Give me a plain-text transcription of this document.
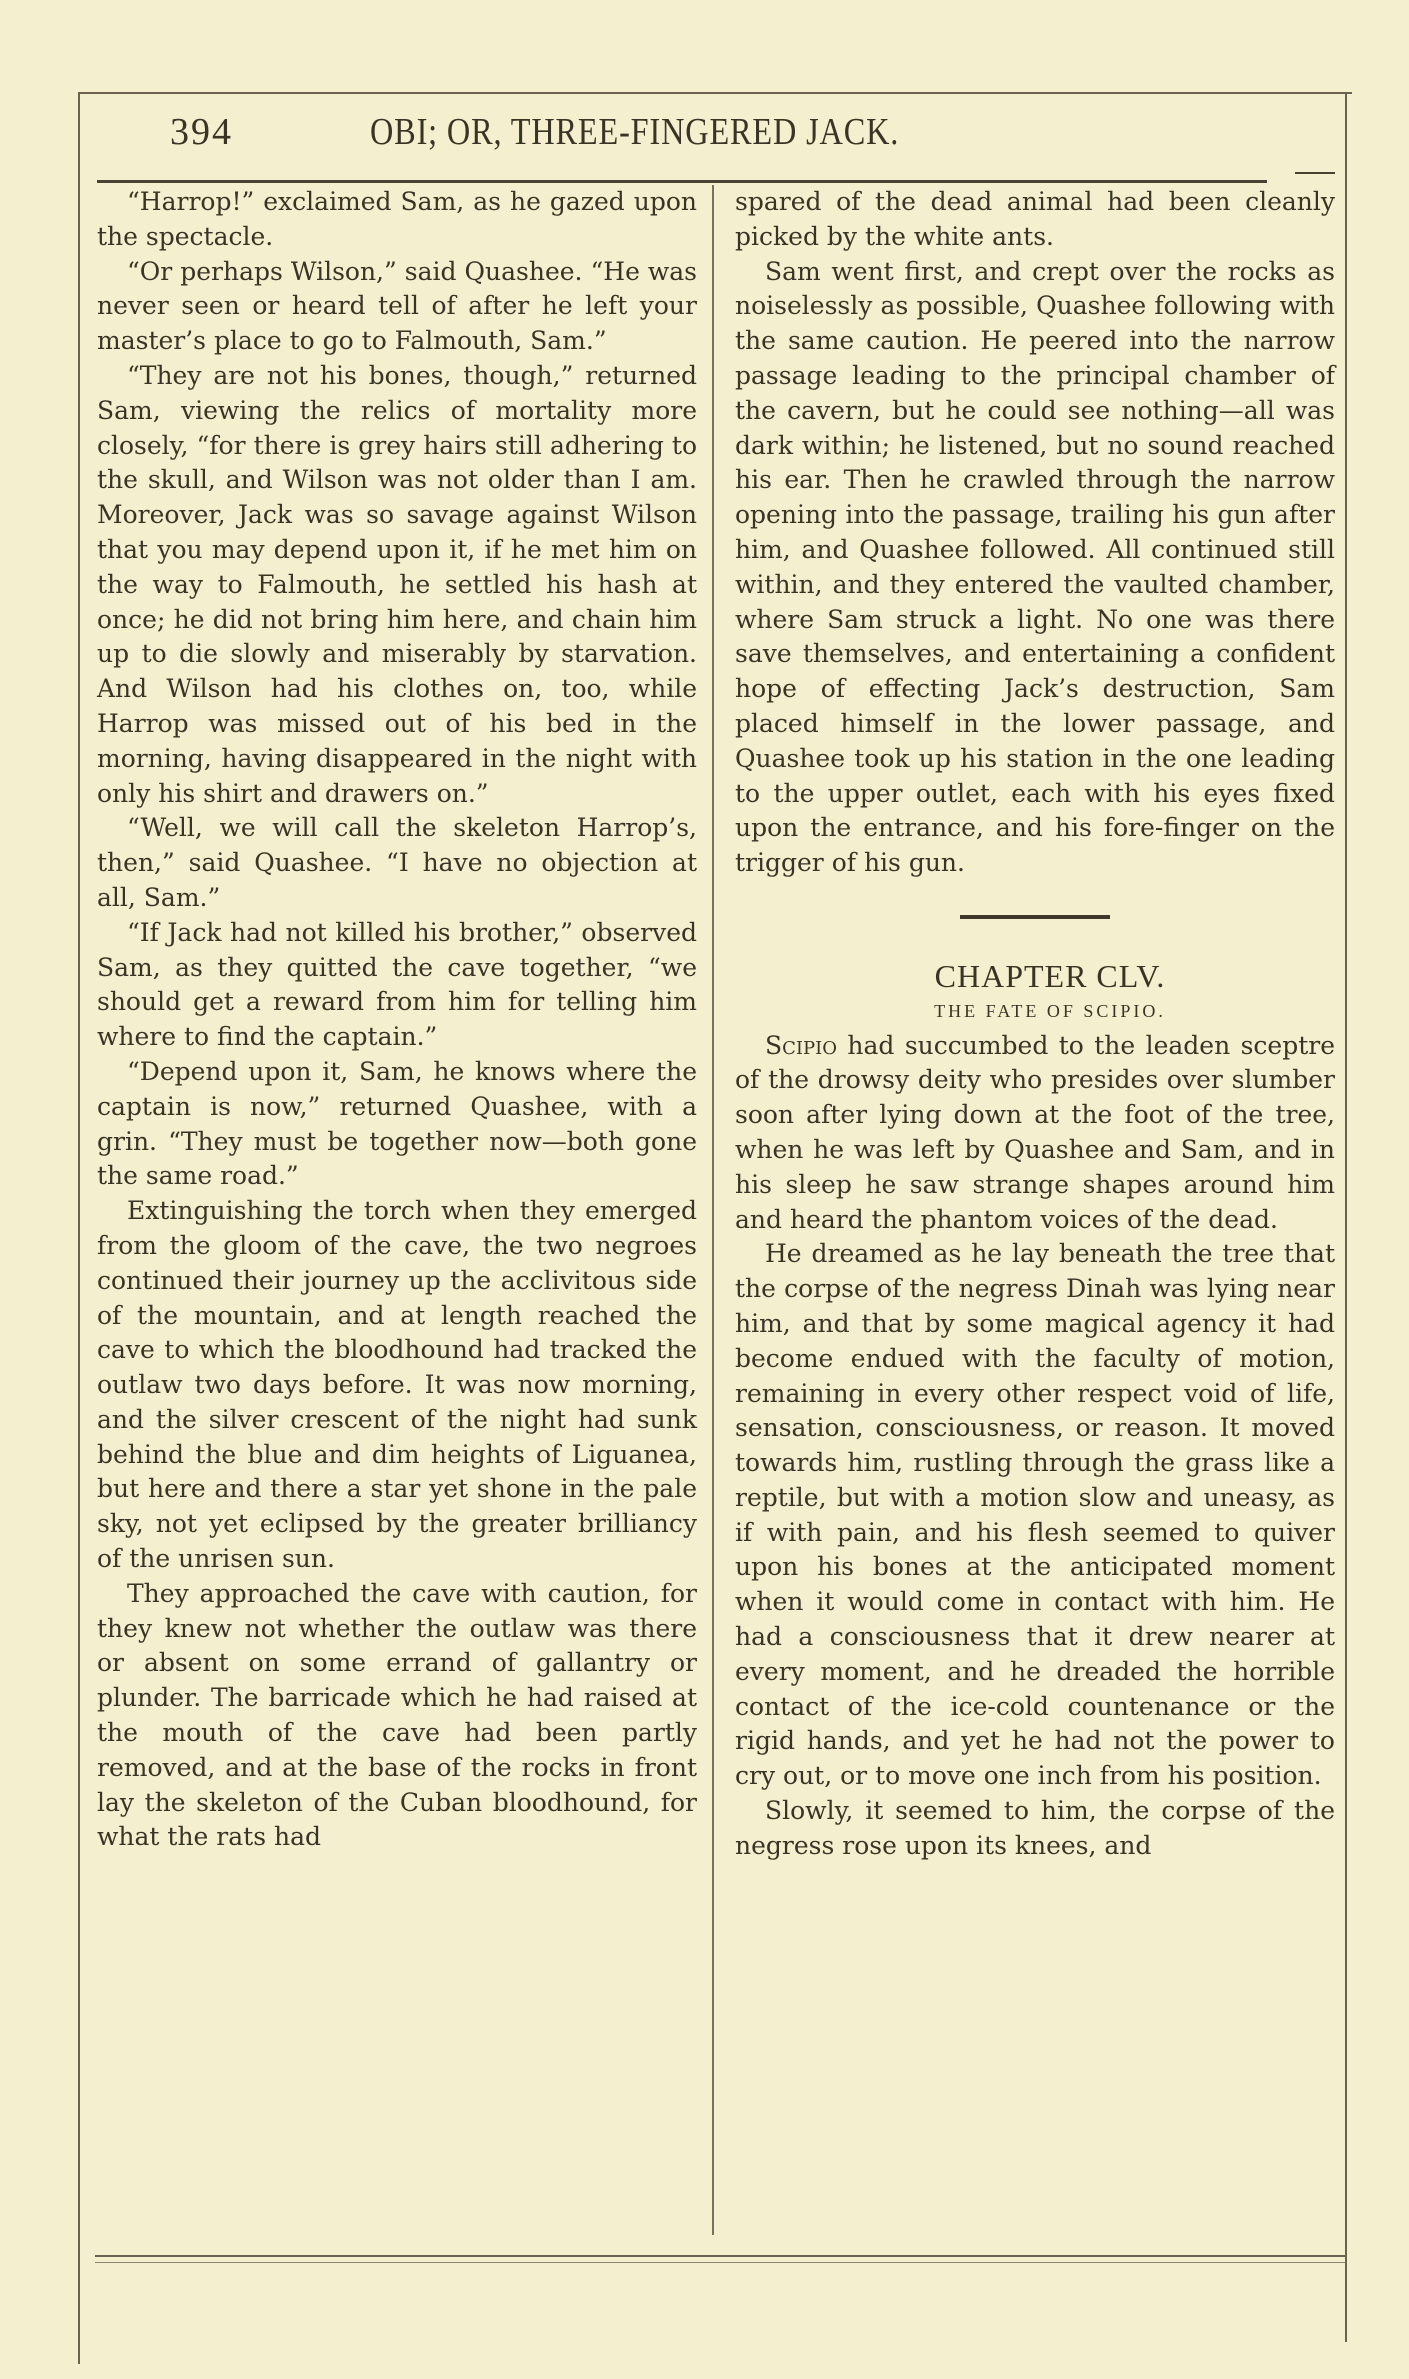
394	OBI; OR, THREE-FINGERED JACK.

“Harrop!” exclaimed Sam, as he gazed upon the spectacle.

“Or perhaps Wilson,” said Quashee. “He was never seen or heard tell of after he left your master’s place to go to Falmouth, Sam.”

“They are not his bones, though,” returned Sam, viewing the relics of mortality more closely, “for there is grey hairs still adhering to the skull, and Wilson was not older than I am. Moreover, Jack was so savage against Wilson that you may depend upon it, if he met him on the way to Falmouth, he settled his hash at once; he did not bring him here, and chain him up to die slowly and miserably by starvation. And Wilson had his clothes on, too, while Harrop was missed out of his bed in the morning, having disappeared in the night with only his shirt and drawers on.”

“Well, we will call the skeleton Harrop’s, then,” said Quashee. “I have no objection at all, Sam.”

“If Jack had not killed his brother,” observed Sam, as they quitted the cave together, “we should get a reward from him for telling him where to find the captain.”

“Depend upon it, Sam, he knows where the captain is now,” returned Quashee, with a grin. “They must be together now—both gone the same road.”

Extinguishing the torch when they emerged from the gloom of the cave, the two negroes continued their journey up the acclivitous side of the mountain, and at length reached the cave to which the bloodhound had tracked the outlaw two days before. It was now morning, and the silver crescent of the night had sunk behind the blue and dim heights of Liguanea, but here and there a star yet shone in the pale sky, not yet eclipsed by the greater brilliancy of the unrisen sun.

They approached the cave with caution, for they knew not whether the outlaw was there or absent on some errand of gallantry or plunder. The barricade which he had raised at the mouth of the cave had been partly removed, and at the base of the rocks in front lay the skeleton of the Cuban bloodhound, for what the rats had

spared of the dead animal had been cleanly picked by the white ants.

Sam went first, and crept over the rocks as noiselessly as possible, Quashee following with the same caution. He peered into the narrow passage leading to the principal chamber of the cavern, but he could see nothing—all was dark within; he listened, but no sound reached his ear. Then he crawled through the narrow opening into the passage, trailing his gun after him, and Quashee followed. All continued still within, and they entered the vaulted chamber, where Sam struck a light. No one was there save themselves, and entertaining a confident hope of effecting Jack’s destruction, Sam placed himself in the lower passage, and Quashee took up his station in the one leading to the upper outlet, each with his eyes fixed upon the entrance, and his fore-finger on the trigger of his gun.

CHAPTER CLV.

THE FATE OF SCIPIO.

Scipio had succumbed to the leaden sceptre of the drowsy deity who presides over slumber soon after lying down at the foot of the tree, when he was left by Quashee and Sam, and in his sleep he saw strange shapes around him and heard the phantom voices of the dead.

He dreamed as he lay beneath the tree that the corpse of the negress Dinah was lying near him, and that by some magical agency it had become endued with the faculty of motion, remaining in every other respect void of life, sensation, consciousness, or reason. It moved towards him, rustling through the grass like a reptile, but with a motion slow and uneasy, as if with pain, and his flesh seemed to quiver upon his bones at the anticipated moment when it would come in contact with him. He had a consciousness that it drew nearer at every moment, and he dreaded the horrible contact of the ice-cold countenance or the rigid hands, and yet he had not the power to cry out, or to move one inch from his position.

Slowly, it seemed to him, the corpse of the negress rose upon its knees, and
